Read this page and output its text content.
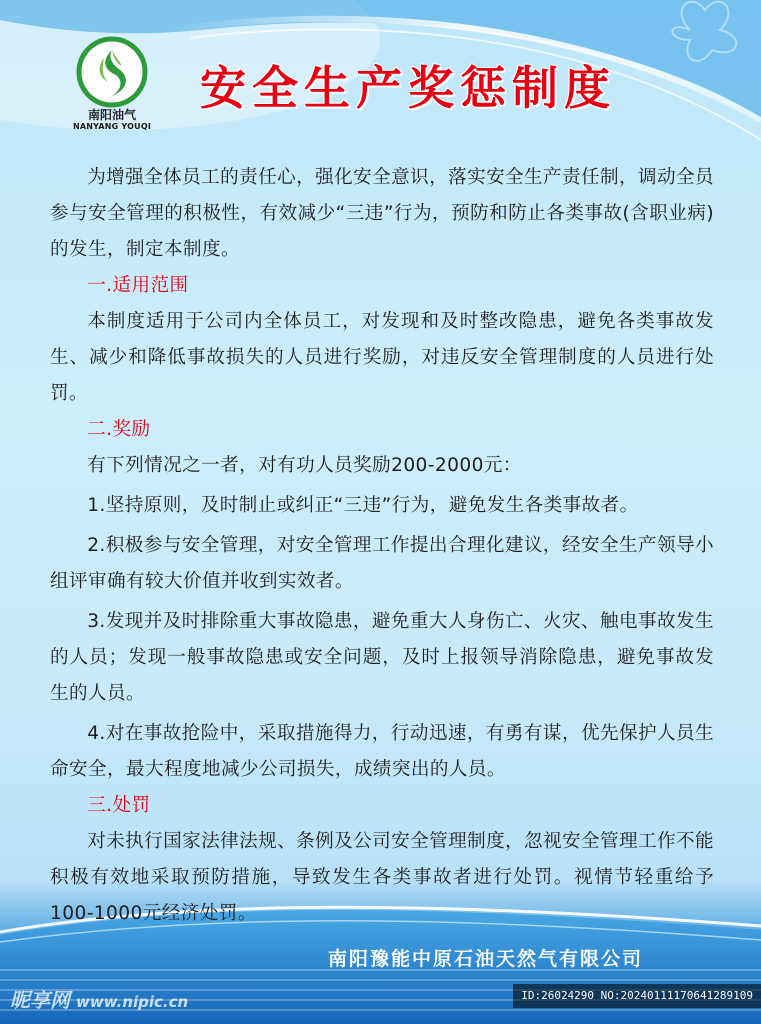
南阳油气
NANYANG YOUQI
安全生产奖惩制度

为增强全体员工的责任心，强化安全意识，落实安全生产责任制，调动全员参与安全管理的积极性，有效减少“三违”行为，预防和防止各类事故(含职业病)的发生，制定本制度。

一.适用范围

本制度适用于公司内全体员工，对发现和及时整改隐患，避免各类事故发生、减少和降低事故损失的人员进行奖励，对违反安全管理制度的人员进行处罚。

二.奖励

有下列情况之一者，对有功人员奖励200-2000元：

1.坚持原则，及时制止或纠正“三违”行为，避免发生各类事故者。

2.积极参与安全管理，对安全管理工作提出合理化建议，经安全生产领导小组评审确有较大价值并收到实效者。

3.发现并及时排除重大事故隐患，避免重大人身伤亡、火灾、触电事故发生的人员；发现一般事故隐患或安全问题，及时上报领导消除隐患，避免事故发生的人员。

4.对在事故抢险中，采取措施得力，行动迅速，有勇有谋，优先保护人员生命安全，最大程度地减少公司损失，成绩突出的人员。

三.处罚

对未执行国家法律法规、条例及公司安全管理制度，忽视安全管理工作不能积极有效地采取预防措施，导致发生各类事故者进行处罚。视情节轻重给予100-1000元经济处罚。

南阳豫能中原石油天然气有限公司
昵享网 www.nipic.cn	ID:26024290 NO:20240111170641289109
